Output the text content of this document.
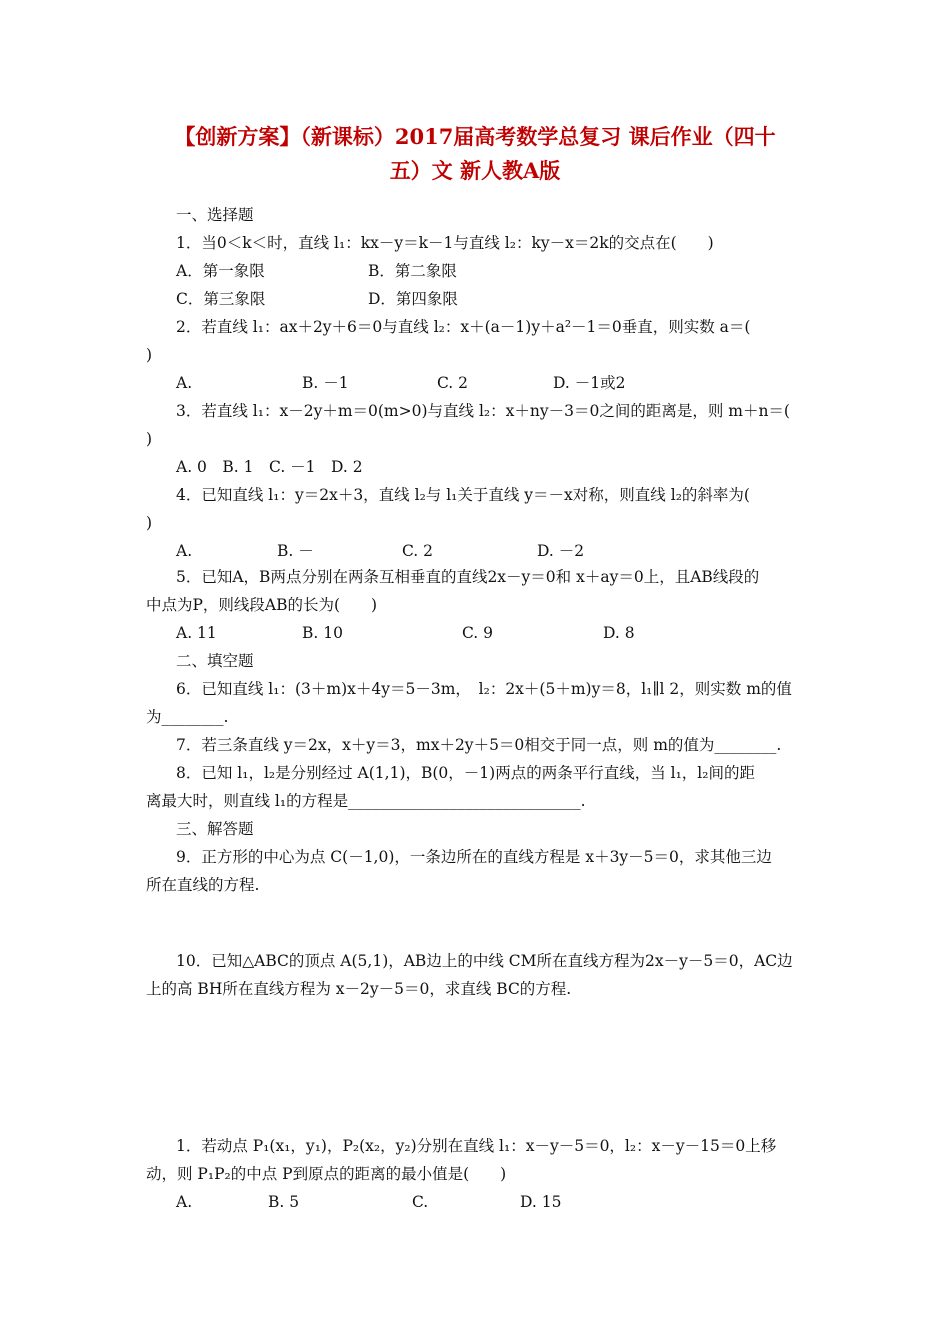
【创新方案】（新课标）2017届高考数学总复习 课后作业（四十
五）文 新人教A版
一、选择题
1．当0＜k＜时，直线 l₁：kx－y＝k－1与直线 l₂：ky－x＝2k的交点在(　　)
A．第一象限	B．第二象限
C．第三象限	D．第四象限
2．若直线 l₁：ax＋2y＋6＝0与直线 l₂：x＋(a－1)y＋a²－1＝0垂直，则实数 a＝(
)
A.	B. －1	C. 2	D. －1或2
3．若直线 l₁：x－2y＋m＝0(m>0)与直线 l₂：x＋ny－3＝0之间的距离是，则 m＋n＝(
)
A. 0　B. 1　C. －1　D. 2
4．已知直线 l₁：y＝2x＋3，直线 l₂与 l₁关于直线 y＝－x对称，则直线 l₂的斜率为(
)
A.	B. －	C. 2	D. －2
5．已知A，B两点分别在两条互相垂直的直线2x－y＝0和 x＋ay＝0上，且AB线段的
中点为P，则线段AB的长为(　　)
A. 11	B. 10	C. 9	D. 8
二、填空题
6．已知直线 l₁：(3＋m)x＋4y＝5－3m，　l₂：2x＋(5＋m)y＝8，l₁∥l 2，则实数 m的值
为________.
7．若三条直线 y＝2x，x＋y＝3，mx＋2y＋5＝0相交于同一点，则 m的值为________.
8．已知 l₁，l₂是分别经过 A(1,1)，B(0，－1)两点的两条平行直线，当 l₁，l₂间的距
离最大时，则直线 l₁的方程是______________________________.
三、解答题
9．正方形的中心为点 C(－1,0)，一条边所在的直线方程是 x＋3y－5＝0，求其他三边
所在直线的方程.
10．已知△ABC的顶点 A(5,1)，AB边上的中线 CM所在直线方程为2x－y－5＝0，AC边
上的高 BH所在直线方程为 x－2y－5＝0，求直线 BC的方程.
1．若动点 P₁(x₁，y₁)，P₂(x₂，y₂)分别在直线 l₁：x－y－5＝0，l₂：x－y－15＝0上移
动，则 P₁P₂的中点 P到原点的距离的最小值是(　　)
A.	B. 5	C.	D. 15
